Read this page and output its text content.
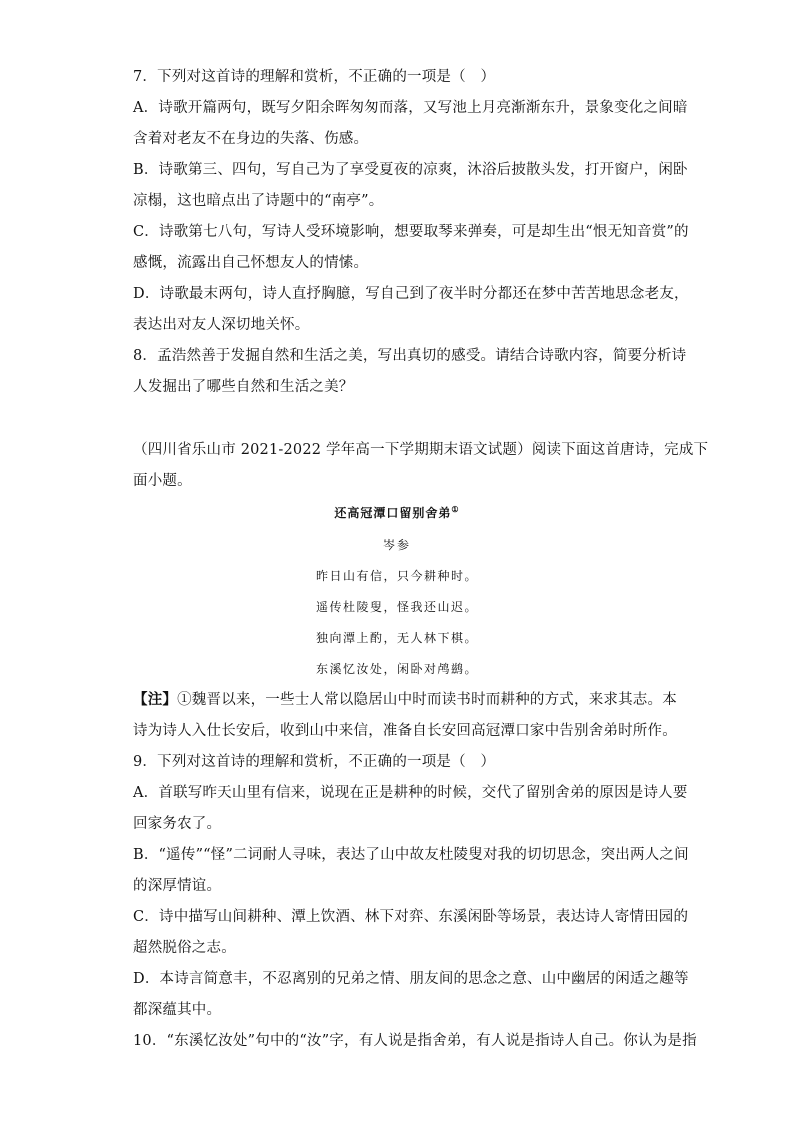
7．下列对这首诗的理解和赏析，不正确的一项是（　）
A．诗歌开篇两句，既写夕阳余晖匆匆而落，又写池上月亮渐渐东升，景象变化之间暗
含着对老友不在身边的失落、伤感。
B．诗歌第三、四句，写自己为了享受夏夜的凉爽，沐浴后披散头发，打开窗户，闲卧
凉榻，这也暗点出了诗题中的“南亭”。
C．诗歌第七八句，写诗人受环境影响，想要取琴来弹奏，可是却生出“恨无知音赏”的
感慨，流露出自己怀想友人的情愫。
D．诗歌最末两句，诗人直抒胸臆，写自己到了夜半时分都还在梦中苦苦地思念老友，
表达出对友人深切地关怀。
8．孟浩然善于发掘自然和生活之美，写出真切的感受。请结合诗歌内容，简要分析诗
人发掘出了哪些自然和生活之美？
（四川省乐山市 2021-2022 学年高一下学期期末语文试题）阅读下面这首唐诗，完成下
面小题。
还高冠潭口留别舍弟①
岑参
昨日山有信，只今耕种时。
遥传杜陵叟，怪我还山迟。
独向潭上酌，无人林下棋。
东溪忆汝处，闲卧对鸬鹚。
【注】①魏晋以来，一些士人常以隐居山中时而读书时而耕种的方式，来求其志。本
诗为诗人入仕长安后，收到山中来信，准备自长安回高冠潭口家中告别舍弟时所作。
9．下列对这首诗的理解和赏析，不正确的一项是（　）
A．首联写昨天山里有信来，说现在正是耕种的时候，交代了留别舍弟的原因是诗人要
回家务农了。
B．“遥传”“怪”二词耐人寻味，表达了山中故友杜陵叟对我的切切思念，突出两人之间
的深厚情谊。
C．诗中描写山间耕种、潭上饮酒、林下对弈、东溪闲卧等场景，表达诗人寄情田园的
超然脱俗之志。
D．本诗言简意丰，不忍离别的兄弟之情、朋友间的思念之意、山中幽居的闲适之趣等
都深蕴其中。
10．“东溪忆汝处”句中的“汝”字，有人说是指舍弟，有人说是指诗人自己。你认为是指
